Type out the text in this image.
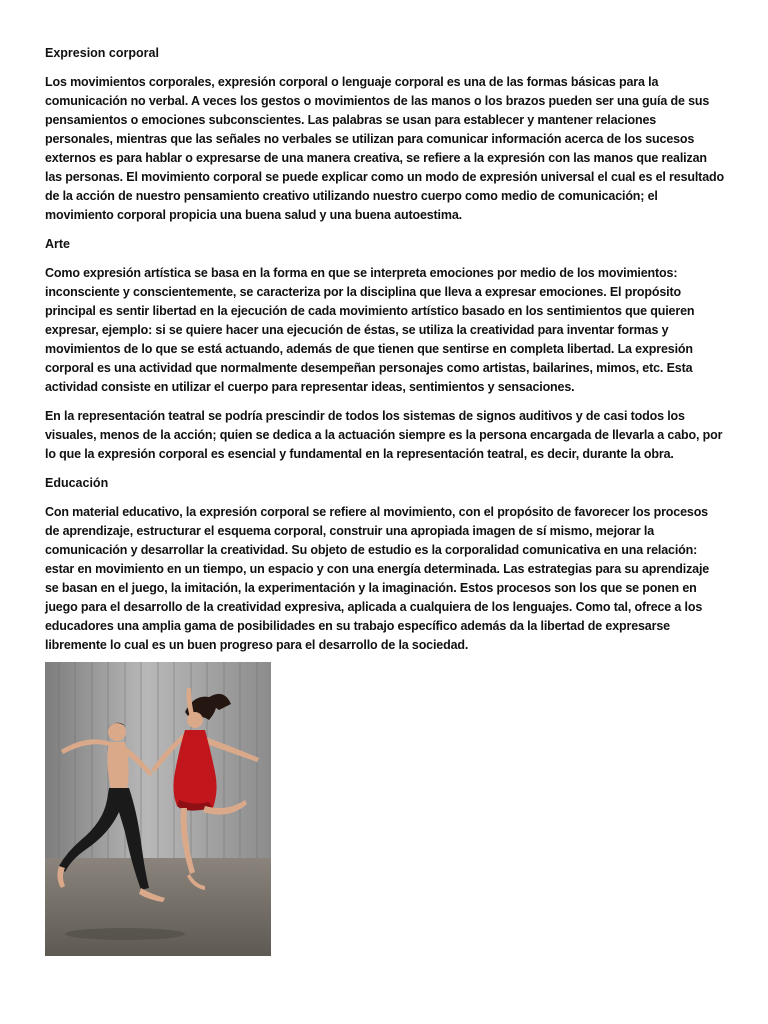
Expresion corporal

Los movimientos corporales, expresión corporal o lenguaje corporal es una de las formas básicas para la comunicación no verbal. A veces los gestos o movimientos de las manos o los brazos pueden ser una guía de sus pensamientos o emociones subconscientes. Las palabras se usan para establecer y mantener relaciones personales, mientras que las señales no verbales se utilizan para comunicar información acerca de los sucesos externos es para hablar o expresarse de una manera creativa, se refiere a la expresión con las manos que realizan las personas. El movimiento corporal se puede explicar como un modo de expresión universal el cual es el resultado de la acción de nuestro pensamiento creativo utilizando nuestro cuerpo como medio de comunicación; el movimiento corporal propicia una buena salud y una buena autoestima.

Arte

Como expresión artística se basa en la forma en que se interpreta emociones por medio de los movimientos: inconsciente y conscientemente, se caracteriza por la disciplina que lleva a expresar emociones. El propósito principal es sentir libertad en la ejecución de cada movimiento artístico basado en los sentimientos que quieren expresar, ejemplo: si se quiere hacer una ejecución de éstas, se utiliza la creatividad para inventar formas y movimientos de lo que se está actuando, además de que tienen que sentirse en completa libertad. La expresión corporal es una actividad que normalmente desempeñan personajes como artistas, bailarines, mimos, etc. Esta actividad consiste en utilizar el cuerpo para representar ideas, sentimientos y sensaciones.

En la representación teatral se podría prescindir de todos los sistemas de signos auditivos y de casi todos los visuales, menos de la acción; quien se dedica a la actuación siempre es la persona encargada de llevarla a cabo, por lo que la expresión corporal es esencial y fundamental en la representación teatral, es decir, durante la obra.

Educación

Con material educativo, la expresión corporal se refiere al movimiento, con el propósito de favorecer los procesos de aprendizaje, estructurar el esquema corporal, construir una apropiada imagen de sí mismo, mejorar la comunicación y desarrollar la creatividad. Su objeto de estudio es la corporalidad comunicativa en una relación: estar en movimiento en un tiempo, un espacio y con una energía determinada. Las estrategias para su aprendizaje se basan en el juego, la imitación, la experimentación y la imaginación. Estos procesos son los que se ponen en juego para el desarrollo de la creatividad expresiva, aplicada a cualquiera de los lenguajes. Como tal, ofrece a los educadores una amplia gama de posibilidades en su trabajo específico además da la libertad de expresarse libremente lo cual es un buen progreso para el desarrollo de la sociedad.
